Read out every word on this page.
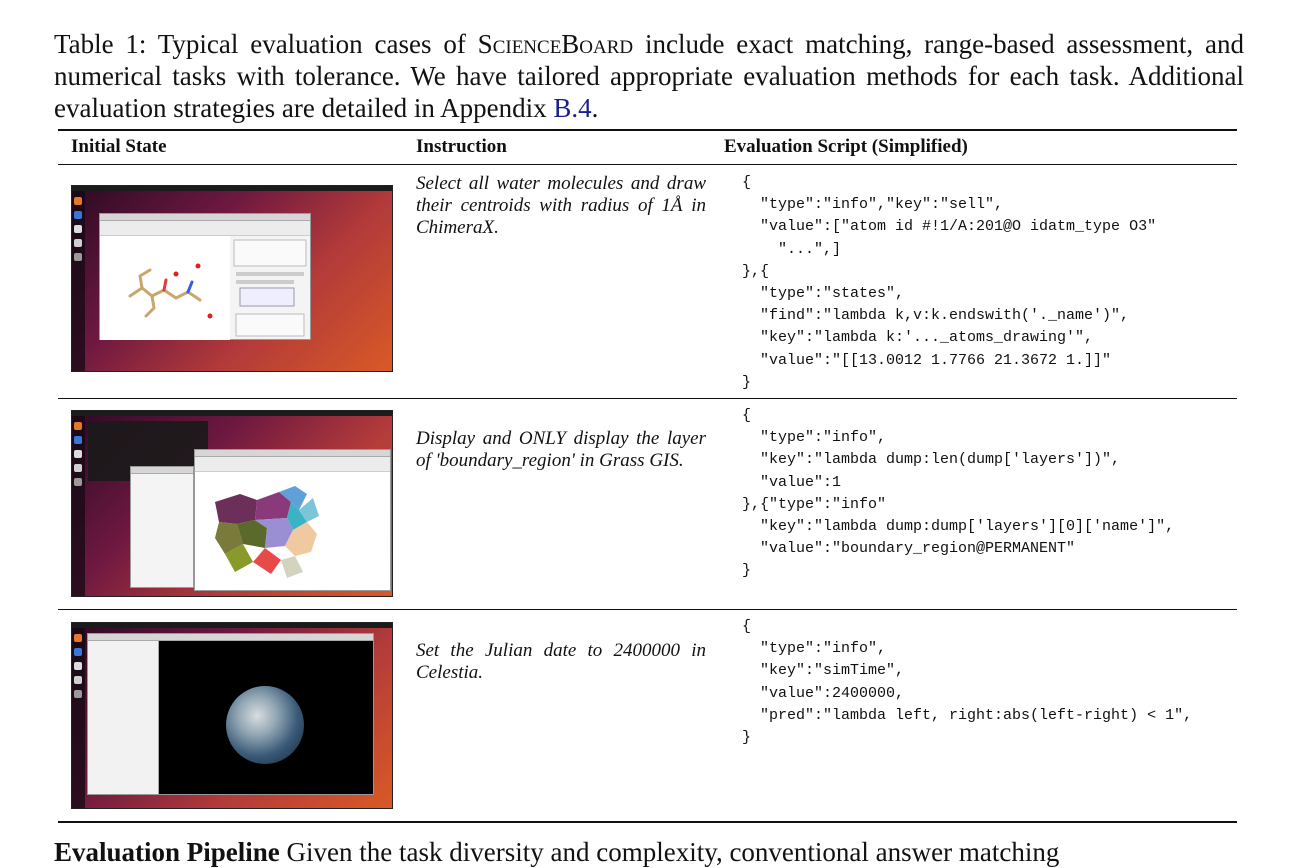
Table 1: Typical evaluation cases of ScienceBoard include exact matching, range-based assessment, and numerical tasks with tolerance. We have tailored appropriate evaluation methods for each task. Additional evaluation strategies are detailed in Appendix B.4.
Initial State	Instruction	Evaluation Script (Simplified)
Select all water molecules and draw their centroids with radius of 1Å in ChimeraX.
{
"type":"info","key":"sell",
"value":["atom id #!1/A:201@O idatm_type O3"
"...",]
},{
"type":"states",
"find":"lambda k,v:k.endswith('._name')",
"key":"lambda k:'..._atoms_drawing'",
"value":"[[13.0012 1.7766 21.3672 1.]]"
}
Display and ONLY display the layer of 'boundary_region' in Grass GIS.
{
"type":"info",
"key":"lambda dump:len(dump['layers'])",
"value":1
},{"type":"info"
"key":"lambda dump:dump['layers'][0]['name']",
"value":"boundary_region@PERMANENT"
}
Set the Julian date to 2400000 in Celestia.
{
"type":"info",
"key":"simTime",
"value":2400000,
"pred":"lambda left, right:abs(left-right) < 1",
}
Evaluation Pipeline Given the task diversity and complexity, conventional answer matching
